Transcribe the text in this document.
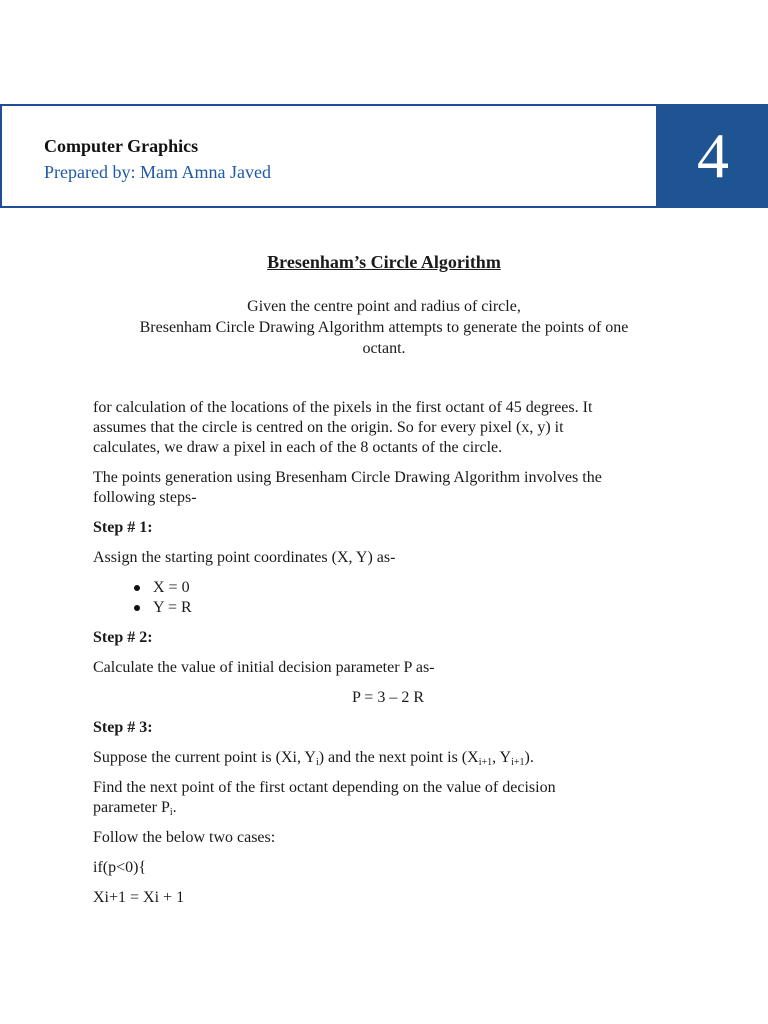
Computer Graphics
Prepared by: Mam Amna Javed	4
Bresenham’s Circle Algorithm
Given the centre point and radius of circle,
Bresenham Circle Drawing Algorithm attempts to generate the points of one
octant.
for calculation of the locations of the pixels in the first octant of 45 degrees. It
assumes that the circle is centred on the origin. So for every pixel (x, y) it
calculates, we draw a pixel in each of the 8 octants of the circle.
The points generation using Bresenham Circle Drawing Algorithm involves the
following steps-
Step # 1:
Assign the starting point coordinates (X, Y) as-
X = 0
Y = R
Step # 2:
Calculate the value of initial decision parameter P as-
P = 3 – 2 R
Step # 3:
Suppose the current point is (Xi, $Y_i$) and the next point is ($X_{i+1}$, $Y_{i+1}$).
Find the next point of the first octant depending on the value of decision
parameter $P_i$.
Follow the below two cases:
if(p<0){
Xi+1 = Xi + 1
